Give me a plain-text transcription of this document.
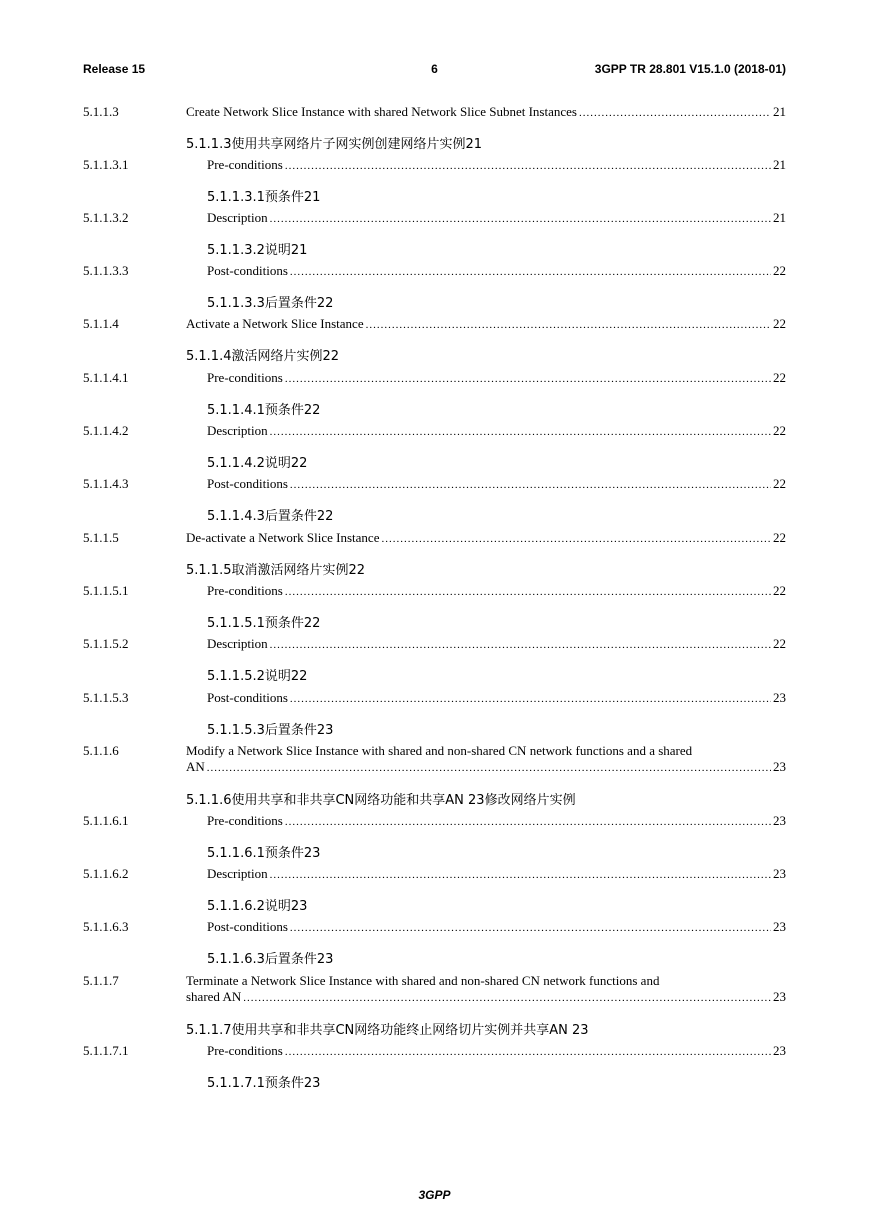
Release 15	6	3GPP TR 28.801 V15.1.0 (2018-01)
5.1.1.3	Create Network Slice Instance with shared Network Slice Subnet Instances .....	21
5.1.1.3使用共享网络片子网实例创建网络片实例21
5.1.1.3.1	Pre-conditions .....	21
5.1.1.3.1预条件21
5.1.1.3.2	Description .....	21
5.1.1.3.2说明21
5.1.1.3.3	Post-conditions .....	22
5.1.1.3.3后置条件22
5.1.1.4	Activate a Network Slice Instance .....	22
5.1.1.4激活网络片实例22
5.1.1.4.1	Pre-conditions .....	22
5.1.1.4.1预条件22
5.1.1.4.2	Description .....	22
5.1.1.4.2说明22
5.1.1.4.3	Post-conditions .....	22
5.1.1.4.3后置条件22
5.1.1.5	De-activate a Network Slice Instance .....	22
5.1.1.5取消激活网络片实例22
5.1.1.5.1	Pre-conditions .....	22
5.1.1.5.1预条件22
5.1.1.5.2	Description .....	22
5.1.1.5.2说明22
5.1.1.5.3	Post-conditions .....	23
5.1.1.5.3后置条件23
5.1.1.6	Modify a Network Slice Instance with shared and non-shared CN network functions and a shared
AN .....	23
5.1.1.6使用共享和非共享CN网络功能和共享AN 23修改网络片实例
5.1.1.6.1	Pre-conditions .....	23
5.1.1.6.1预条件23
5.1.1.6.2	Description .....	23
5.1.1.6.2说明23
5.1.1.6.3	Post-conditions .....	23
5.1.1.6.3后置条件23
5.1.1.7	Terminate a Network Slice Instance with shared and non-shared CN network functions and
shared AN .....	23
5.1.1.7使用共享和非共享CN网络功能终止网络切片实例并共享AN 23
5.1.1.7.1	Pre-conditions .....	23
5.1.1.7.1预条件23
3GPP
